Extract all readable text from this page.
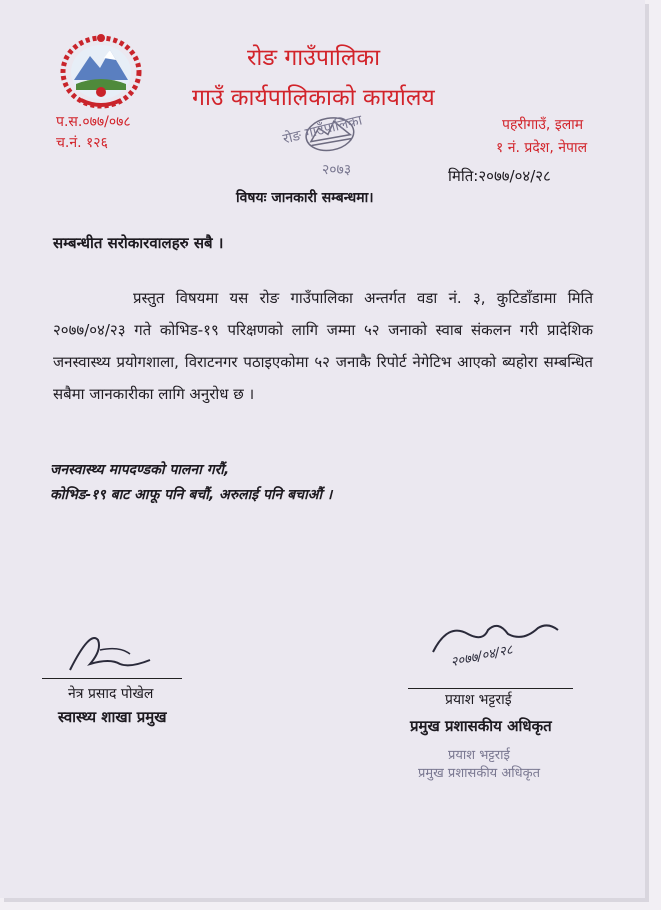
रोङ गाउँपालिका
गाउँ कार्यपालिकाको कार्यालय
प.स.०७७/०७८
च.नं. १२६
पहरीगाउँ, इलाम
१ नं. प्रदेश, नेपाल
रोङ गाउँपालिका
२०७३	मिति:२०७७/०४/२८
विषयः जानकारी सम्बन्धमा।
सम्बन्धीत सरोकारवालहरु सबै ।
प्रस्तुत विषयमा यस रोङ गाउँपालिका अन्तर्गत वडा नं. ३, कुटिडाँडामा मिति २०७७/०४/२३ गते कोभिड-१९ परिक्षणको लागि जम्मा ५२ जनाको स्वाब संकलन गरी प्रादेशिक जनस्वास्थ्य प्रयोगशाला, विराटनगर पठाइएकोमा ५२ जनाकै रिपोर्ट नेगेटिभ आएको ब्यहोरा सम्बन्धित सबैमा जानकारीका लागि अनुरोध छ ।
जनस्वास्थ्य मापदण्डको पालना गरौं,
कोभिड-१९ बाट आफू पनि बचौं, अरुलाई पनि बचाऔं ।
नेत्र प्रसाद पोखेल
स्वास्थ्य शाखा प्रमुख
२०७७/०४/२८
प्रयाश भट्टराई
प्रमुख प्रशासकीय अधिकृत
प्रयाश भट्टराई
प्रमुख प्रशासकीय अधिकृत
